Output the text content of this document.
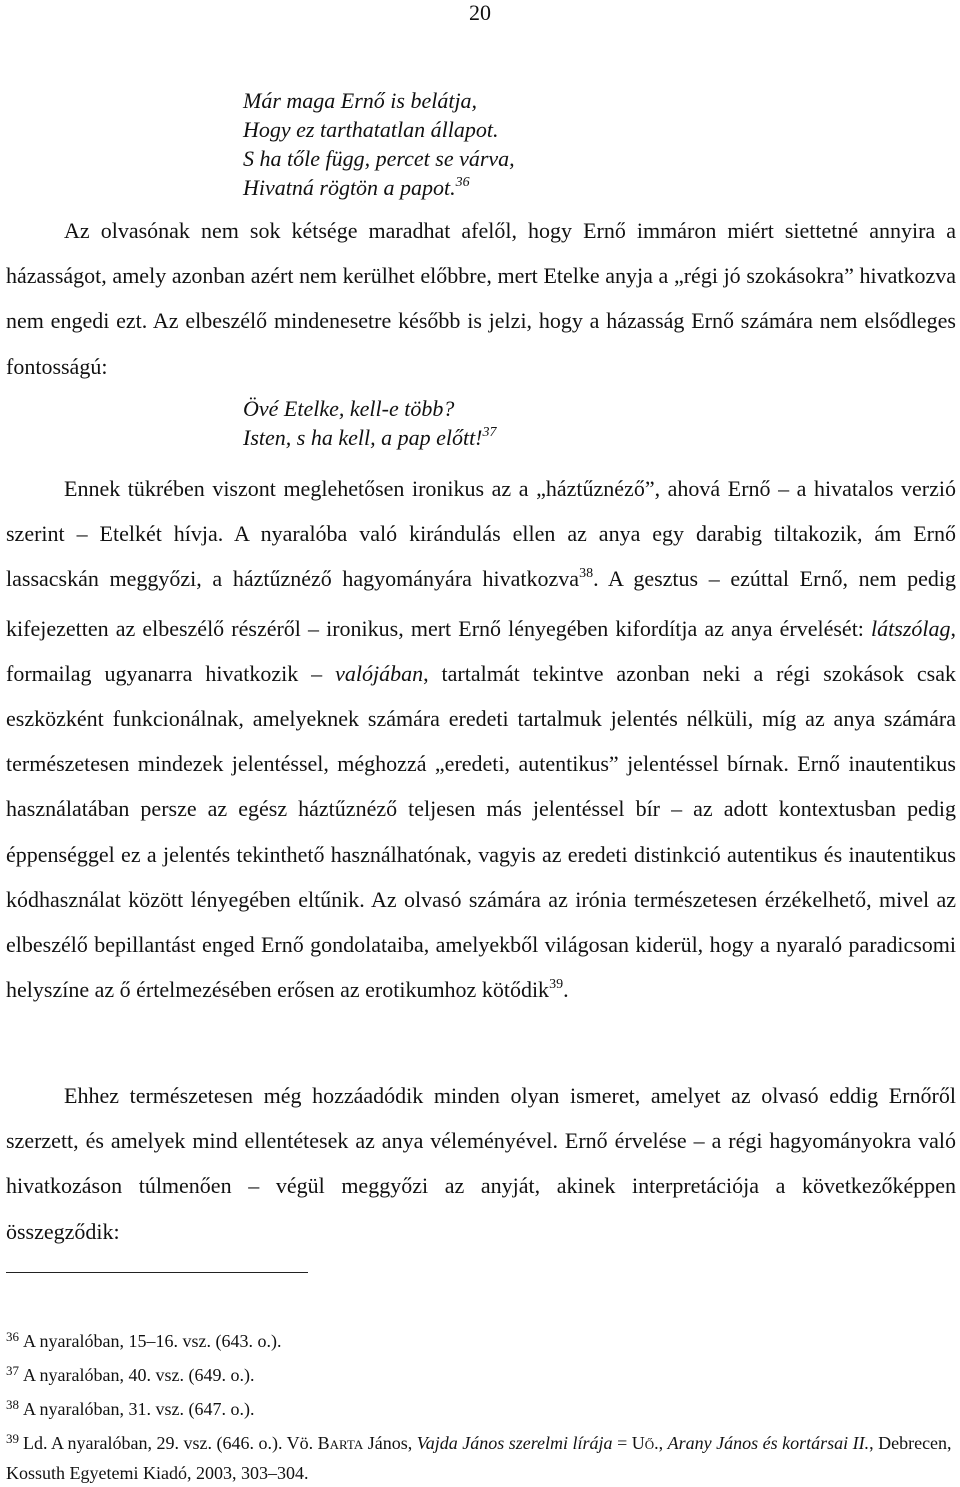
20
Már maga Ernő is belátja,
Hogy ez tarthatatlan állapot.
S ha tőle függ, percet se várva,
Hivatná rögtön a papot.$^{36}$

Az olvasónak nem sok kétsége maradhat afelől, hogy Ernő immáron miért siettetné annyira a házasságot, amely azonban azért nem kerülhet előbbre, mert Etelke anyja a „régi jó szokásokra” hivatkozva nem engedi ezt. Az elbeszélő mindenesetre később is jelzi, hogy a házasság Ernő számára nem elsődleges fontosságú:

Övé Etelke, kell-e több?
Isten, s ha kell, a pap előtt!$^{37}$

Ennek tükrében viszont meglehetősen ironikus az a „háztűznéző”, ahová Ernő – a hivatalos verzió szerint – Etelkét hívja. A nyaralóba való kirándulás ellen az anya egy darabig tiltakozik, ám Ernő lassacskán meggyőzi, a háztűznéző hagyományára hivatkozva$^{38}$. A gesztus – ezúttal Ernő, nem pedig kifejezetten az elbeszélő részéről – ironikus, mert Ernő lényegében kifordítja az anya érvelését: látszólag, formailag ugyanarra hivatkozik – valójában, tartalmát tekintve azonban neki a régi szokások csak eszközként funkcionálnak, amelyeknek számára eredeti tartalmuk jelentés nélküli, míg az anya számára természetesen mindezek jelentéssel, méghozzá „eredeti, autentikus” jelentéssel bírnak. Ernő inautentikus használatában persze az egész háztűznéző teljesen más jelentéssel bír – az adott kontextusban pedig éppenséggel ez a jelentés tekinthető használhatónak, vagyis az eredeti distinkció autentikus és inautentikus kódhasználat között lényegében eltűnik. Az olvasó számára az irónia természetesen érzékelhető, mivel az elbeszélő bepillantást enged Ernő gondolataiba, amelyekből világosan kiderül, hogy a nyaraló paradicsomi helyszíne az ő értelmezésében erősen az erotikumhoz kötődik$^{39}$.

Ehhez természetesen még hozzáadódik minden olyan ismeret, amelyet az olvasó eddig Ernőről szerzett, és amelyek mind ellentétesek az anya véleményével. Ernő érvelése – a régi hagyományokra való hivatkozáson túlmenően – végül meggyőzi az anyját, akinek interpretációja a következőképpen összegződik:

$^{36}$ A nyaralóban, 15–16. vsz. (643. o.).

$^{37}$ A nyaralóban, 40. vsz. (649. o.).

$^{38}$ A nyaralóban, 31. vsz. (647. o.).

$^{39}$ Ld. A nyaralóban, 29. vsz. (646. o.). Vö. Barta János, Vajda János szerelmi lírája = Uő., Arany János és kortársai II., Debrecen, Kossuth Egyetemi Kiadó, 2003, 303–304.
